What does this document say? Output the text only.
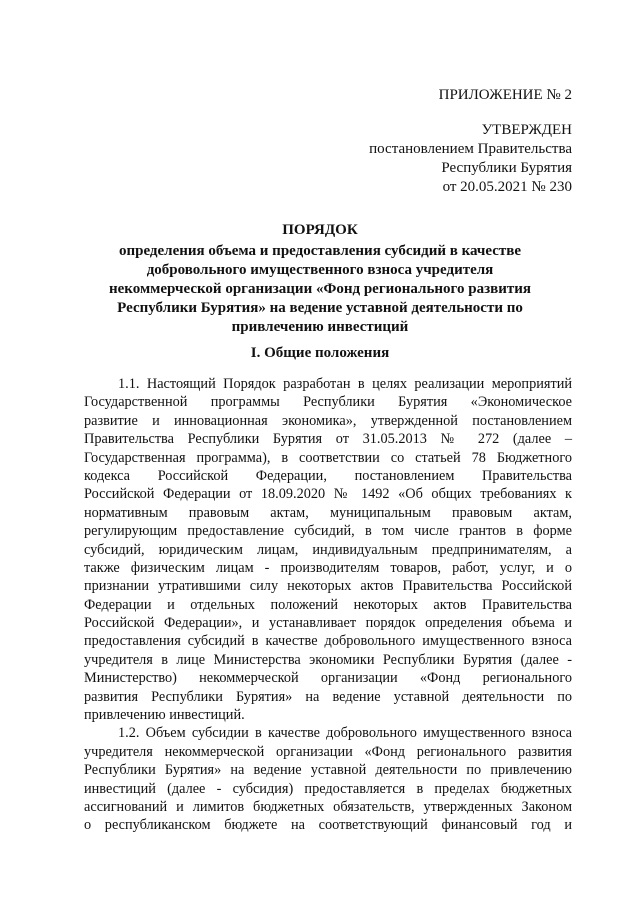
ПРИЛОЖЕНИЕ № 2
УТВЕРЖДЕН
постановлением Правительства
Республики Бурятия
от 20.05.2021 № 230
ПОРЯДОК
определения объема и предоставления субсидий в качестве
добровольного имущественного взноса учредителя
некоммерческой организации «Фонд регионального развития
Республики Бурятия» на ведение уставной деятельности по
привлечению инвестиций
I. Общие положения
1.1. Настоящий Порядок разработан в целях реализации мероприятий
Государственной программы Республики Бурятия «Экономическое
развитие и инновационная экономика», утвержденной постановлением
Правительства Республики Бурятия от 31.05.2013 № 272 (далее –
Государственная программа), в соответствии со статьей 78 Бюджетного
кодекса Российской Федерации, постановлением Правительства
Российской Федерации от 18.09.2020 № 1492 «Об общих требованиях к
нормативным правовым актам, муниципальным правовым актам,
регулирующим предоставление субсидий, в том числе грантов в форме
субсидий, юридическим лицам, индивидуальным предпринимателям, а
также физическим лицам - производителям товаров, работ, услуг, и о
признании утратившими силу некоторых актов Правительства Российской
Федерации и отдельных положений некоторых актов Правительства
Российской Федерации», и устанавливает порядок определения объема и
предоставления субсидий в качестве добровольного имущественного взноса
учредителя в лице Министерства экономики Республики Бурятия (далее -
Министерство) некоммерческой организации «Фонд регионального
развития Республики Бурятия» на ведение уставной деятельности по
привлечению инвестиций.
1.2. Объем субсидии в качестве добровольного имущественного взноса
учредителя некоммерческой организации «Фонд регионального развития
Республики Бурятия» на ведение уставной деятельности по привлечению
инвестиций (далее - субсидия) предоставляется в пределах бюджетных
ассигнований и лимитов бюджетных обязательств, утвержденных Законом
о республиканском бюджете на соответствующий финансовый год и
